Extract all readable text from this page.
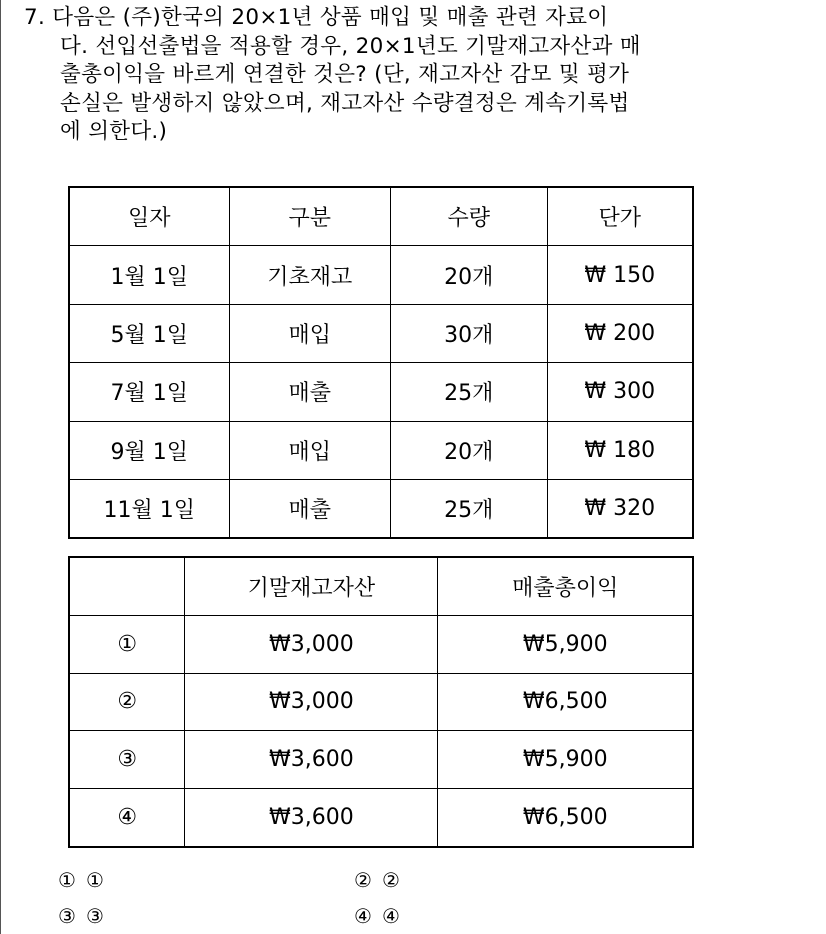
7. 다음은 (주)한국의 20×1년 상품 매입 및 매출 관련 자료이
다. 선입선출법을 적용할 경우, 20×1년도 기말재고자산과 매
출총이익을 바르게 연결한 것은? (단, 재고자산 감모 및 평가
손실은 발생하지 않았으며, 재고자산 수량결정은 계속기록법
에 의한다.)
일자	구분	수량	단가
1월 1일	기초재고	20개	₩ 150
5월 1일	매입	30개	₩ 200
7월 1일	매출	25개	₩ 300
9월 1일	매입	20개	₩ 180
11월 1일	매출	25개	₩ 320
	기말재고자산	매출총이익
①	₩3,000	₩5,900
②	₩3,000	₩6,500
③	₩3,600	₩5,900
④	₩3,600	₩6,500
① ①	② ②
③ ③	④ ④
